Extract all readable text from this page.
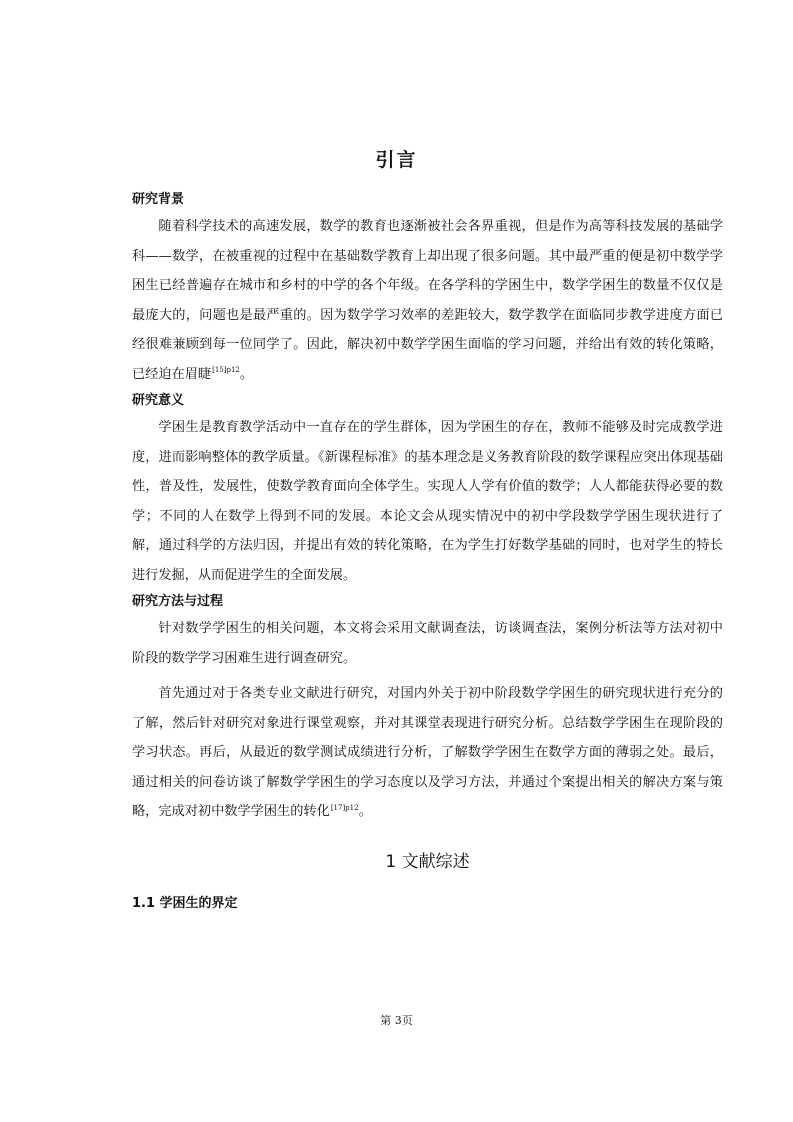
引言
研究背景

随着科学技术的高速发展，数学的教育也逐渐被社会各界重视，但是作为高等科技发展的基础学科——数学，在被重视的过程中在基础数学教育上却出现了很多问题。其中最严重的便是初中数学学困生已经普遍存在城市和乡村的中学的各个年级。在各学科的学困生中，数学学困生的数量不仅仅是最庞大的，问题也是最严重的。因为数学学习效率的差距较大，数学教学在面临同步教学进度方面已经很难兼顾到每一位同学了。因此，解决初中数学学困生面临的学习问题，并给出有效的转化策略，已经迫在眉睫$^{[15]p12}$。

研究意义

学困生是教育教学活动中一直存在的学生群体，因为学困生的存在，教师不能够及时完成教学进度，进而影响整体的教学质量。《新课程标准》的基本理念是义务教育阶段的数学课程应突出体现基础性，普及性，发展性，使数学教育面向全体学生。实现人人学有价值的数学；人人都能获得必要的数学；不同的人在数学上得到不同的发展。本论文会从现实情况中的初中学段数学学困生现状进行了解，通过科学的方法归因，并提出有效的转化策略，在为学生打好数学基础的同时，也对学生的特长进行发掘，从而促进学生的全面发展。

研究方法与过程

针对数学学困生的相关问题，本文将会采用文献调查法，访谈调查法，案例分析法等方法对初中阶段的数学学习困难生进行调查研究。

首先通过对于各类专业文献进行研究，对国内外关于初中阶段数学学困生的研究现状进行充分的了解，然后针对研究对象进行课堂观察，并对其课堂表现进行研究分析。总结数学学困生在现阶段的学习状态。再后，从最近的数学测试成绩进行分析，了解数学学困生在数学方面的薄弱之处。最后，通过相关的问卷访谈了解数学学困生的学习态度以及学习方法，并通过个案提出相关的解决方案与策略，完成对初中数学学困生的转化$^{[17]p12}$。

1 文献综述
1.1 学困生的界定
第 3页
